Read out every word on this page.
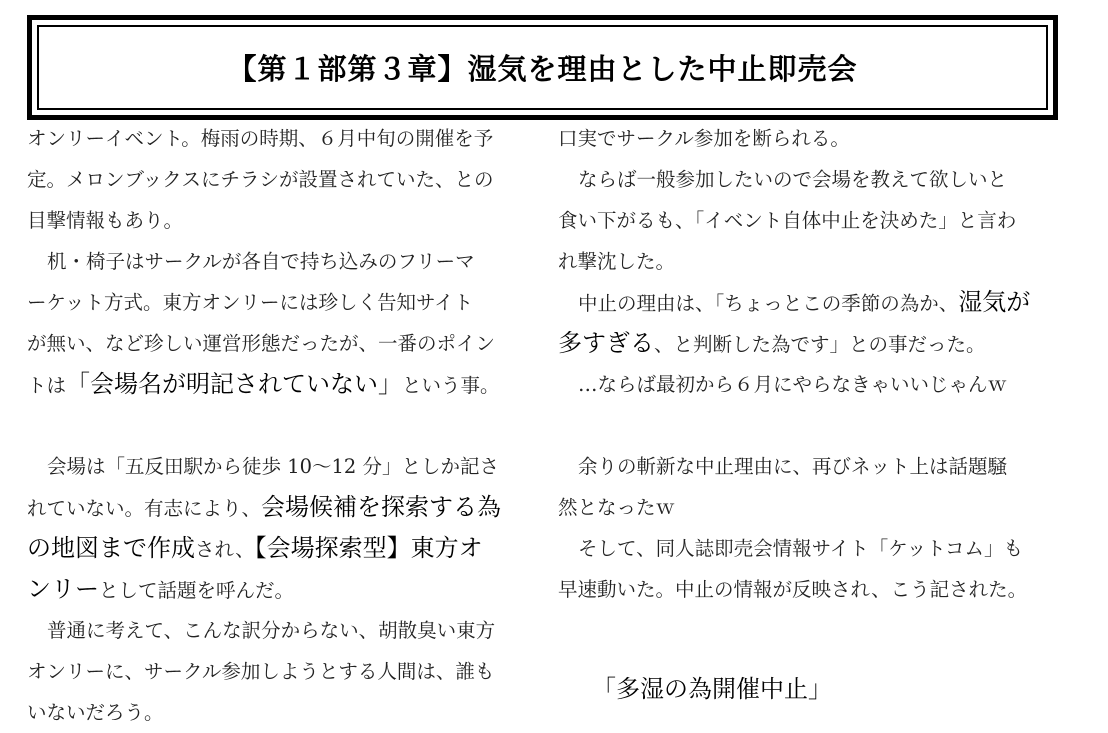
【第１部第３章】湿気を理由とした中止即売会
オンリーイベント。梅雨の時期、６月中旬の開催を予
定。メロンブックスにチラシが設置されていた、との
目撃情報もあり。
机・椅子はサークルが各自で持ち込みのフリーマ
ーケット方式。東方オンリーには珍しく告知サイト
が無い、など珍しい運営形態だったが、一番のポイン
トは「会場名が明記されていない」という事。
会場は「五反田駅から徒歩 10～12 分」としか記さ
れていない。有志により、会場候補を探索する為
の地図まで作成され、【会場探索型】東方オ
ンリーとして話題を呼んだ。
普通に考えて、こんな訳分からない、胡散臭い東方
オンリーに、サークル参加しようとする人間は、誰も
いないだろう。
口実でサークル参加を断られる。
ならば一般参加したいので会場を教えて欲しいと
食い下がるも、「イベント自体中止を決めた」と言わ
れ撃沈した。
中止の理由は、「ちょっとこの季節の為か、湿気が
多すぎる、と判断した為です」との事だった。
…ならば最初から６月にやらなきゃいいじゃんｗ
余りの斬新な中止理由に、再びネット上は話題騒
然となったｗ
そして、同人誌即売会情報サイト「ケットコム」も
早速動いた。中止の情報が反映され、こう記された。
「多湿の為開催中止」
